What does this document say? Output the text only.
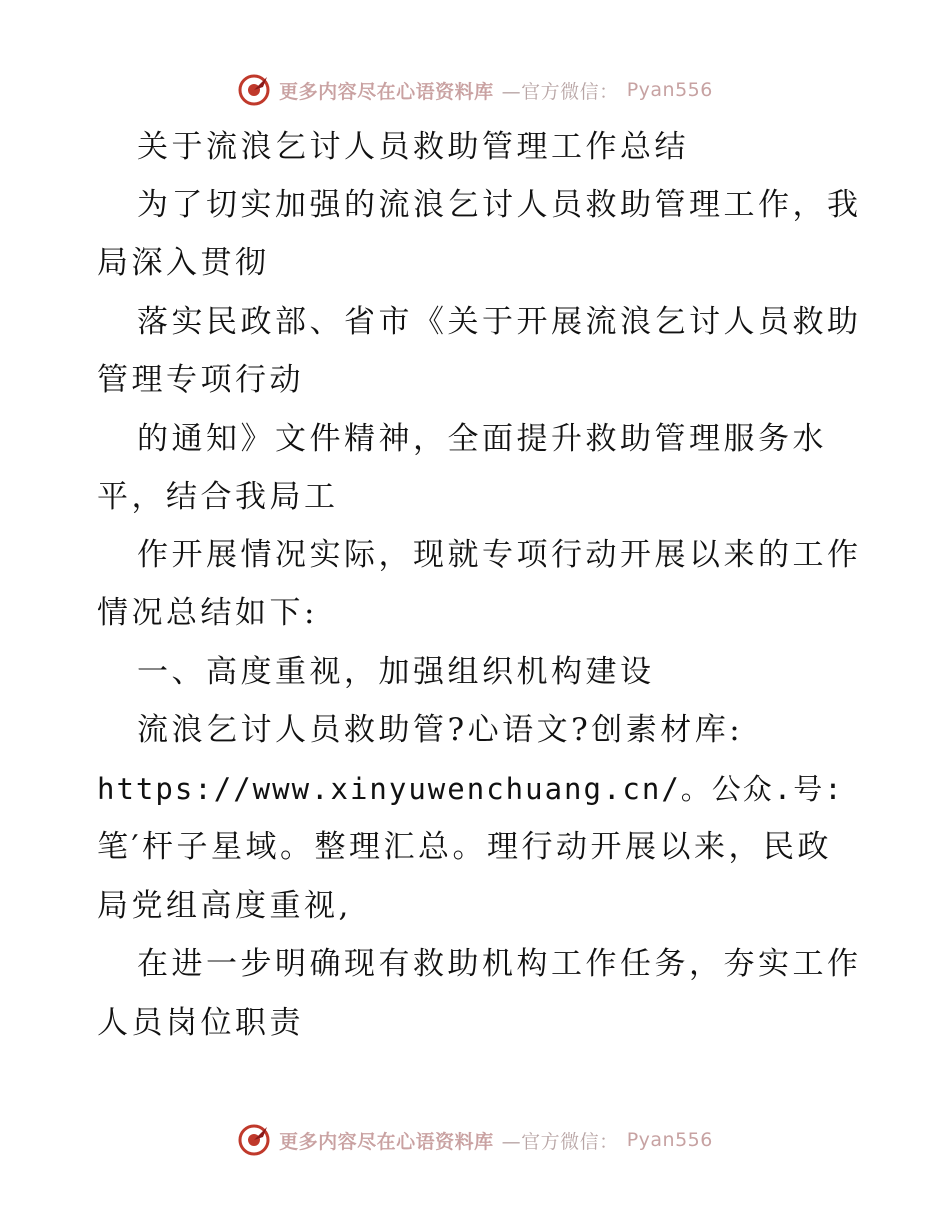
更多内容尽在心语资料库 —官方微信： Pyan556
关于流浪乞讨人员救助管理工作总结
为了切实加强的流浪乞讨人员救助管理工作，我
局深入贯彻
落实民政部、省市《关于开展流浪乞讨人员救助
管理专项行动
的通知》文件精神，全面提升救助管理服务水
平，结合我局工
作开展情况实际，现就专项行动开展以来的工作
情况总结如下:
一、高度重视，加强组织机构建设
流浪乞讨人员救助管?心语文?创素材库:
https://www.xinyuwenchuang.cn/。公众.号:
笔′杆子星域。整理汇总。理行动开展以来，民政
局党组高度重视,
在进一步明确现有救助机构工作任务，夯实工作
人员岗位职责
更多内容尽在心语资料库 —官方微信： Pyan556
